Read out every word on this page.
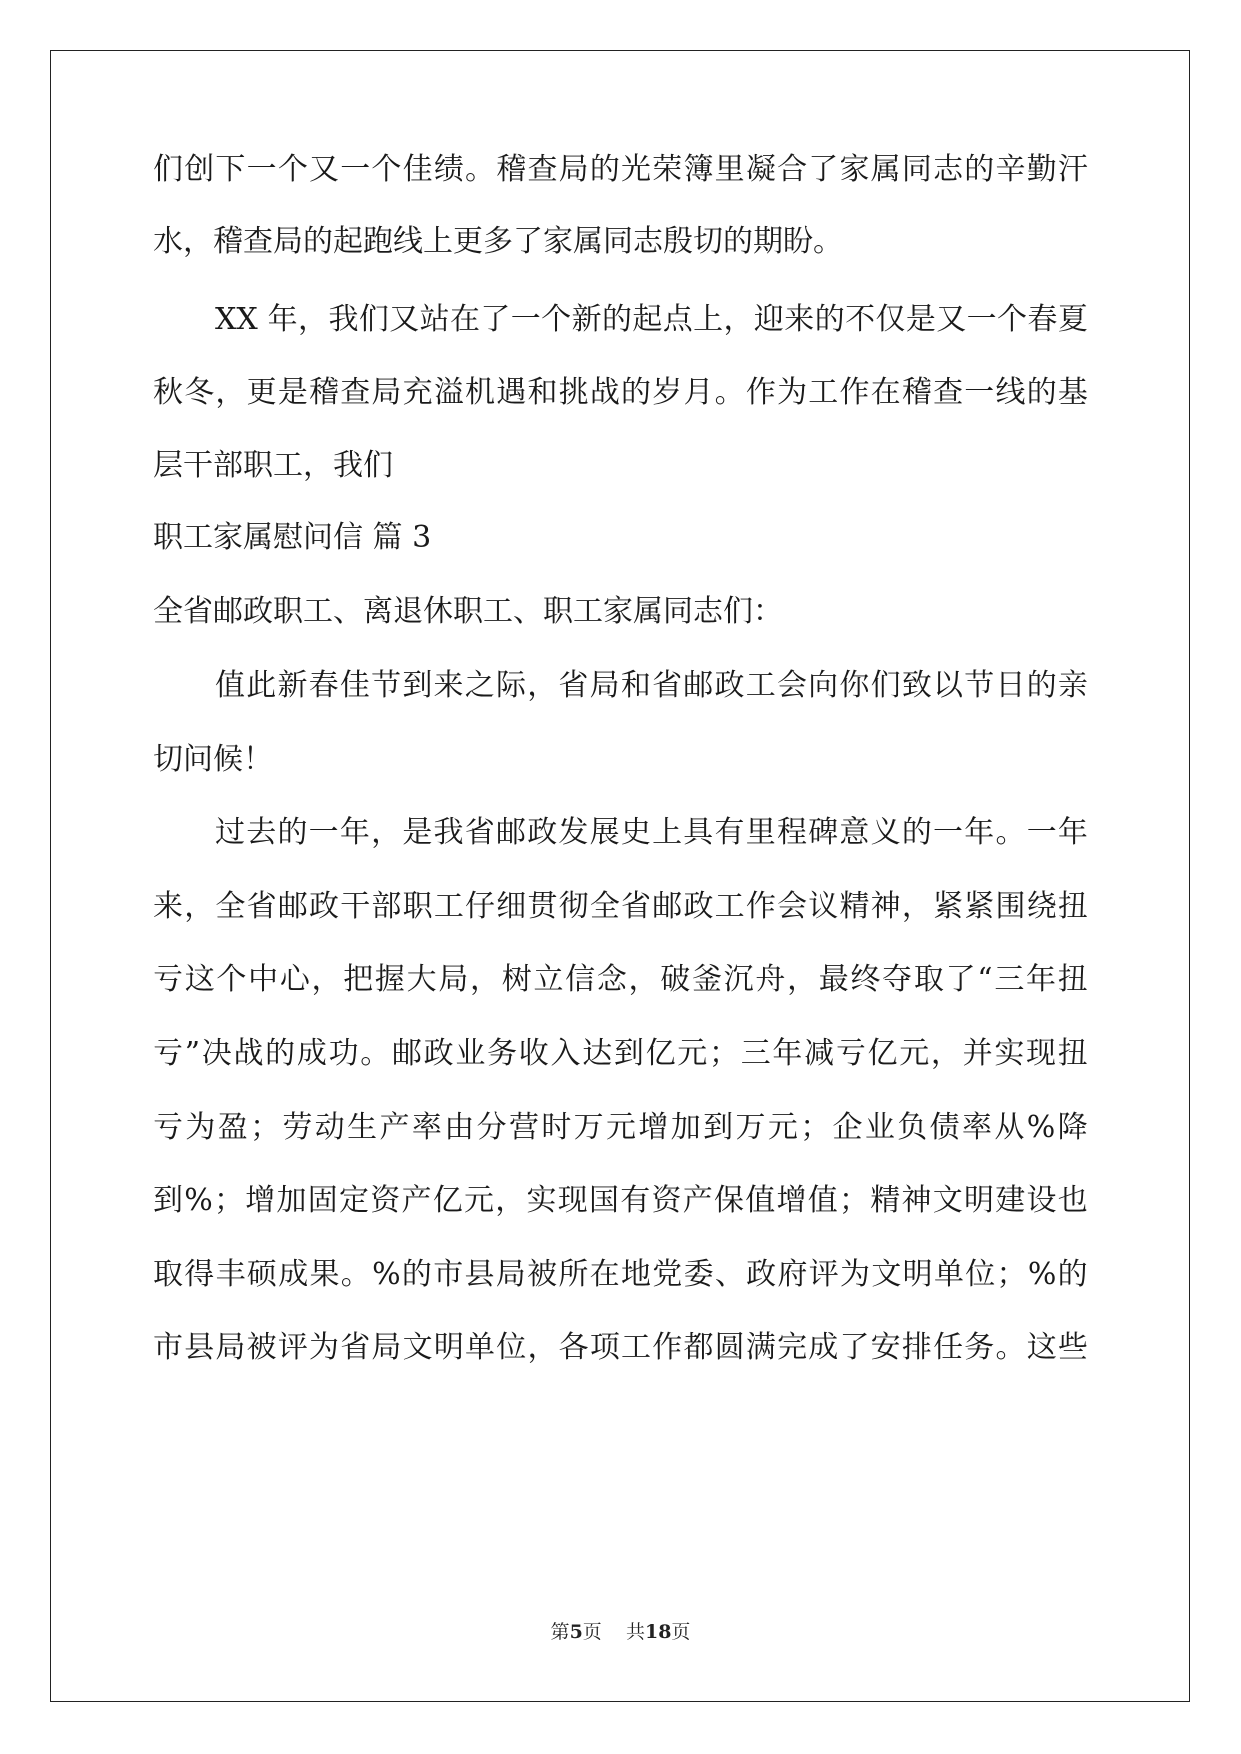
们 创 下 一 个 又 一 个 佳 绩 。 稽 查 局 的 光 荣 簿 里 凝 合 了 家 属 同 志 的 辛 勤 汗
水，稽查局的起跑线上更多了家属同志殷切的期盼。
XX 年 ， 我 们 又 站 在 了 一 个 新 的 起 点 上 ， 迎 来 的 不 仅 是 又 一 个 春 夏
秋 冬 ， 更 是 稽 查 局 充 溢 机 遇 和 挑 战 的 岁 月 。 作 为 工 作 在 稽 查 一 线 的 基
层干部职工，我们
职工家属慰问信 篇 3
全省邮政职工、离退休职工、职工家属同志们：
值 此 新 春 佳 节 到 来 之 际 ， 省 局 和 省 邮 政 工 会 向 你 们 致 以 节 日 的 亲
切问候！
过 去 的 一 年 ， 是 我 省 邮 政 发 展 史 上 具 有 里 程 碑 意 义 的 一 年 。 一 年
来 ， 全 省 邮 政 干 部 职 工 仔 细 贯 彻 全 省 邮 政 工 作 会 议 精 神 ， 紧 紧 围 绕 扭
亏 这 个 中 心 ， 把 握 大 局 ， 树 立 信 念 ， 破 釜 沉 舟 ， 最 终 夺 取 了 “ 三 年 扭
亏 ” 决 战 的 成 功 。 邮 政 业 务 收 入 达 到 亿 元 ； 三 年 减 亏 亿 元 ， 并 实 现 扭
亏 为 盈 ； 劳 动 生 产 率 由 分 营 时 万 元 增 加 到 万 元 ； 企 业 负 债 率 从 % 降
到 % ； 增 加 固 定 资 产 亿 元 ， 实 现 国 有 资 产 保 值 增 值 ； 精 神 文 明 建 设 也
取 得 丰 硕 成 果 。 % 的 市 县 局 被 所 在 地 党 委 、 政 府 评 为 文 明 单 位 ； % 的
市 县 局 被 评 为 省 局 文 明 单 位 ， 各 项 工 作 都 圆 满 完 成 了 安 排 任 务 。 这 些
第5页    共18页
